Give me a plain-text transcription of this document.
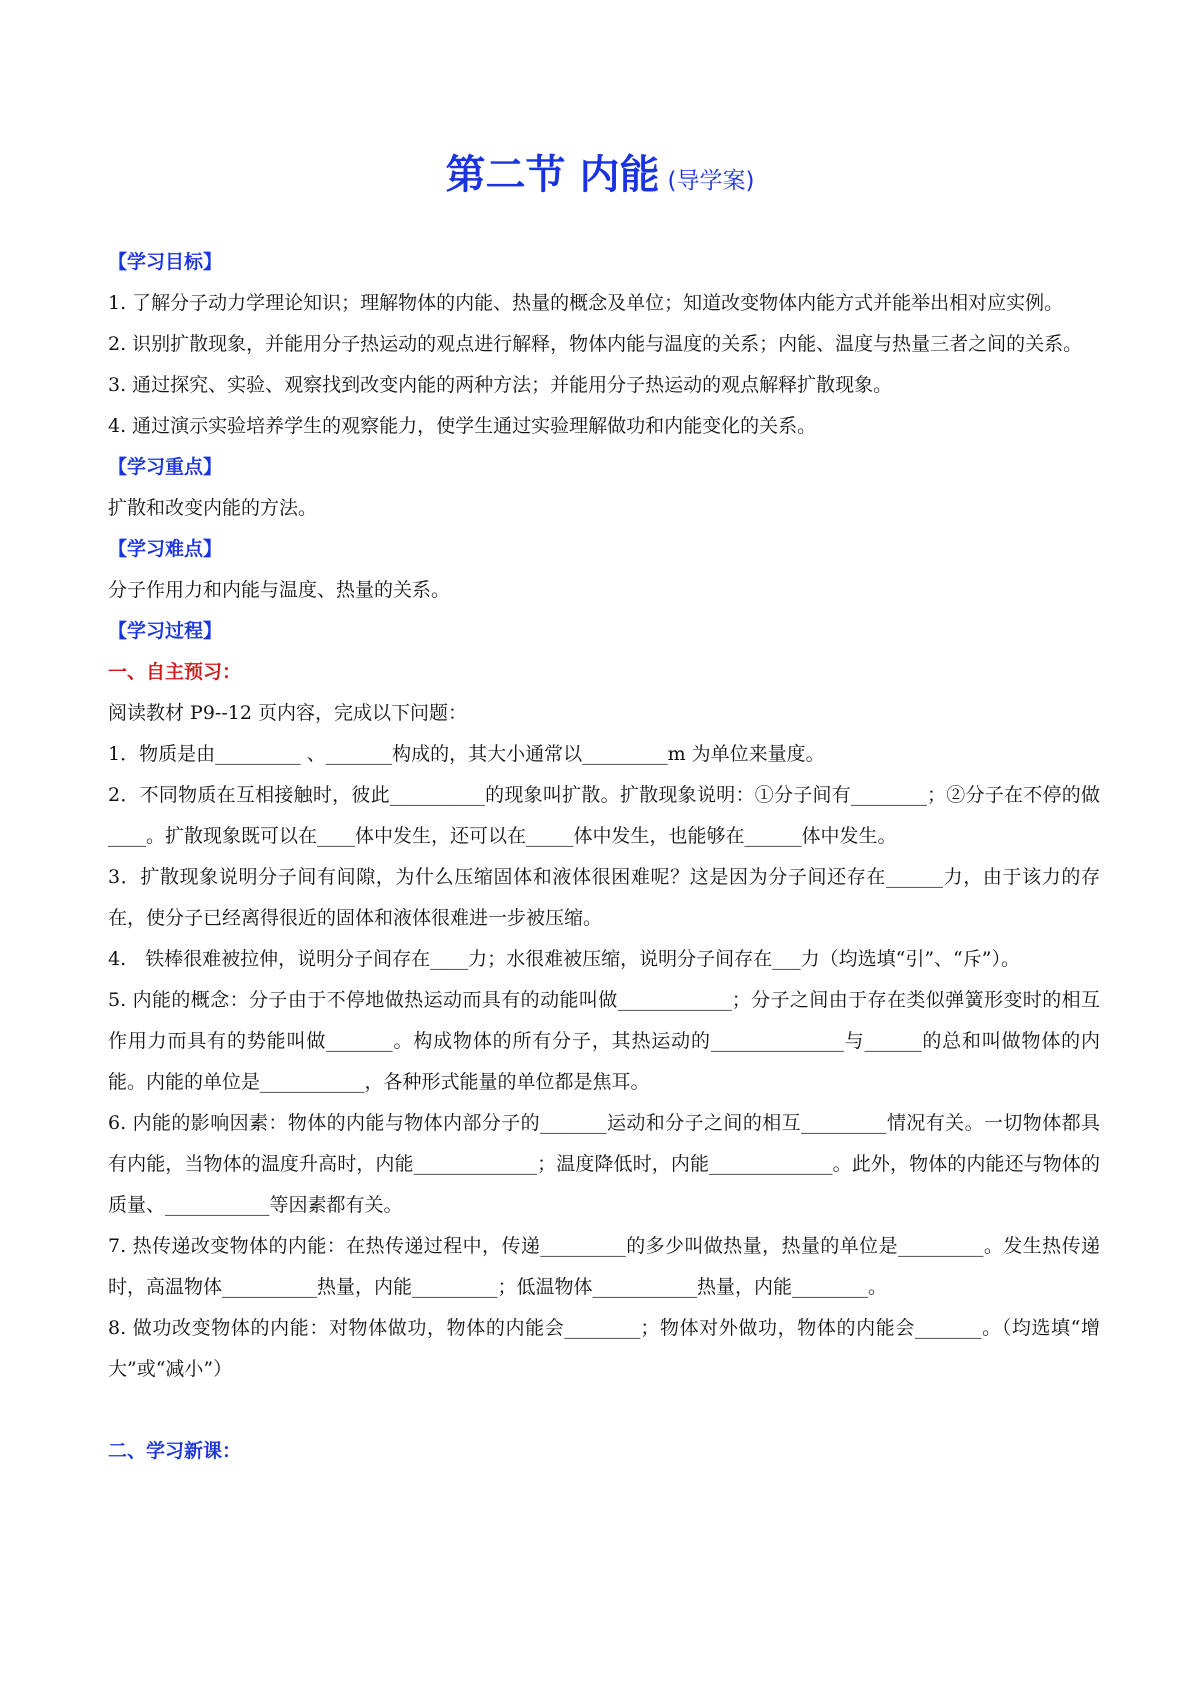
第二节 内能 (导学案)

【学习目标】

1. 了解分子动力学理论知识；理解物体的内能、热量的概念及单位；知道改变物体内能方式并能举出相对应实例。

2. 识别扩散现象，并能用分子热运动的观点进行解释，物体内能与温度的关系；内能、温度与热量三者之间的关系。

3. 通过探究、实验、观察找到改变内能的两种方法；并能用分子热运动的观点解释扩散现象。

4. 通过演示实验培养学生的观察能力，使学生通过实验理解做功和内能变化的关系。

【学习重点】

扩散和改变内能的方法。

【学习难点】

分子作用力和内能与温度、热量的关系。

【学习过程】

一、自主预习：

阅读教材 P9--12 页内容，完成以下问题：

1．物质是由_________ 、_______构成的，其大小通常以_________m 为单位来量度。

2．不同物质在互相接触时，彼此__________的现象叫扩散。扩散现象说明：①分子间有________；②分子在不停的做____。扩散现象既可以在____体中发生，还可以在_____体中发生，也能够在______体中发生。

3．扩散现象说明分子间有间隙，为什么压缩固体和液体很困难呢？这是因为分子间还存在______力，由于该力的存在，使分子已经离得很近的固体和液体很难进一步被压缩。

4.　铁棒很难被拉伸，说明分子间存在____力；水很难被压缩，说明分子间存在___力（均选填“引”、“斥”）。

5. 内能的概念：分子由于不停地做热运动而具有的动能叫做____________；分子之间由于存在类似弹簧形变时的相互作用力而具有的势能叫做_______。构成物体的所有分子，其热运动的______________与______的总和叫做物体的内能。内能的单位是___________，各种形式能量的单位都是焦耳。

6. 内能的影响因素：物体的内能与物体内部分子的_______运动和分子之间的相互_________情况有关。一切物体都具有内能，当物体的温度升高时，内能_____________；温度降低时，内能_____________。此外，物体的内能还与物体的质量、___________等因素都有关。

7. 热传递改变物体的内能：在热传递过程中，传递_________的多少叫做热量，热量的单位是_________。发生热传递时，高温物体__________热量，内能_________；低温物体___________热量，内能________。

8. 做功改变物体的内能：对物体做功，物体的内能会________；物体对外做功，物体的内能会_______。（均选填“增大”或“减小”）

二、学习新课：
